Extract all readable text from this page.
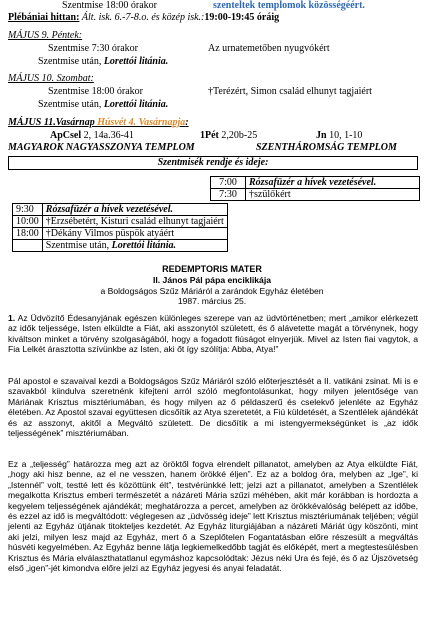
Szentmise 18:00 órakor	szenteltek templomok közösségéért.
Plébániai hittan: Ált. isk. 6.-7-8.o. és közép isk.:19:00-19:45 óráig
MÁJUS 9. Péntek:
Szentmise 7:30 órakor	Az urnatemetőben nyugvókért
Szentmise után, Lorettói litánia.
MÁJUS 10. Szombat:
Szentmise 18:00 órakor	†Terézért, Simon család elhunyt tagjaiért
Szentmise után, Lorettói litánia.
MÁJUS 11.Vasárnap Húsvét 4. Vasárnapja:
ApCsel 2, 14a.36-41	1Pét 2,20b-25	Jn 10, 1-10
MAGYAROK NAGYASSZONYA TEMPLOM	SZENTHÁROMSÁG TEMPLOM
Szentmisék rendje és ideje:
7:00	Rózsafüzér a hívek vezetésével.
7:30	†szülőkért
9:30	Rózsafüzér a hívek vezetésével.
10:00	†Erzsébetért, Kisturi család elhunyt tagjaiért
18:00	†Dékány Vilmos püspök atyáért
	Szentmise után, Lorettói litánia.
REDEMPTORIS MATER
II. János Pál pápa enciklikája
a Boldogságos Szűz Máriáról a zarándok Egyház életében
1987. március 25.
1. Az Üdvözítő Édesanyjának egészen különleges szerepe van az üdvtörténetben; mert „amikor elérkezett az idők teljessége, Isten elküldte a Fiát, aki asszonytól született, és ő alávetette magát a törvénynek, hogy kiváltson minket a törvény szolgaságából, hogy a fogadott fiúságot elnyerjük. Mivel az Isten fiai vagytok, a Fia Lelkét árasztotta szívünkbe az Isten, aki őt így szólítja: Abba, Atya!”
Pál apostol e szavaival kezdi a Boldogságos Szűz Máriáról szóló előterjesztését a II. vatikáni zsinat. Mi is e szavakból kiindulva szeretnénk kifejteni arról szóló megfontolásunkat, hogy milyen jelentősége van Máriának Krisztus misztériumában, és hogy milyen az ő példaszerű és cselekvő jelenléte az Egyház életében. Az Apostol szavai együttesen dicsőítik az Atya szeretetét, a Fiú küldetését, a Szentlélek ajándékát és az asszonyt, akitől a Megváltó született. De dicsőítik a mi istengyermekségünket is „az idők teljességének” misztériumában.
Ez a „teljesség” határozza meg azt az öröktől fogva elrendelt pillanatot, amelyben az Atya elküldte Fiát, „hogy aki hisz benne, az el ne vesszen, hanem örökké éljen”. Ez az a boldog óra, melyben az „Ige”, ki „Istennél” volt, testté lett és közöttünk élt”, testvérünkké lett; jelzi azt a pillanatot, amelyben a Szentlélek megalkotta Krisztus emberi természetét a názáreti Mária szűzi méhében, akit már korábban is hordozta a kegyelem teljességének ajándékát; meghatározza a percet, amelyben az örökkévalóság belépett az időbe, és ezzel az idő is megváltódott: véglegesen az „üdvösség ideje” lett Krisztus misztériumának teljében; végül jelenti az Egyház útjának titokteljes kezdetét. Az Egyház liturgiájában a názáreti Máriát úgy köszönti, mint aki jelzi, milyen lesz majd az Egyház, mert ő a Szeplőtelen Fogantatásban előre részesült a megváltás húsvéti kegyelmében. Az Egyház benne látja legkiemelkedőbb tagját és előképét, mert a megtestesülésben Krisztus és Mária elválaszthatatlanul egymáshoz kapcsolódtak: Jézus néki Ura és fejé, és ő az Újszövetség első „igen”-jét kimondva előre jelzi az Egyház jegyesi és anyai feladatát.
